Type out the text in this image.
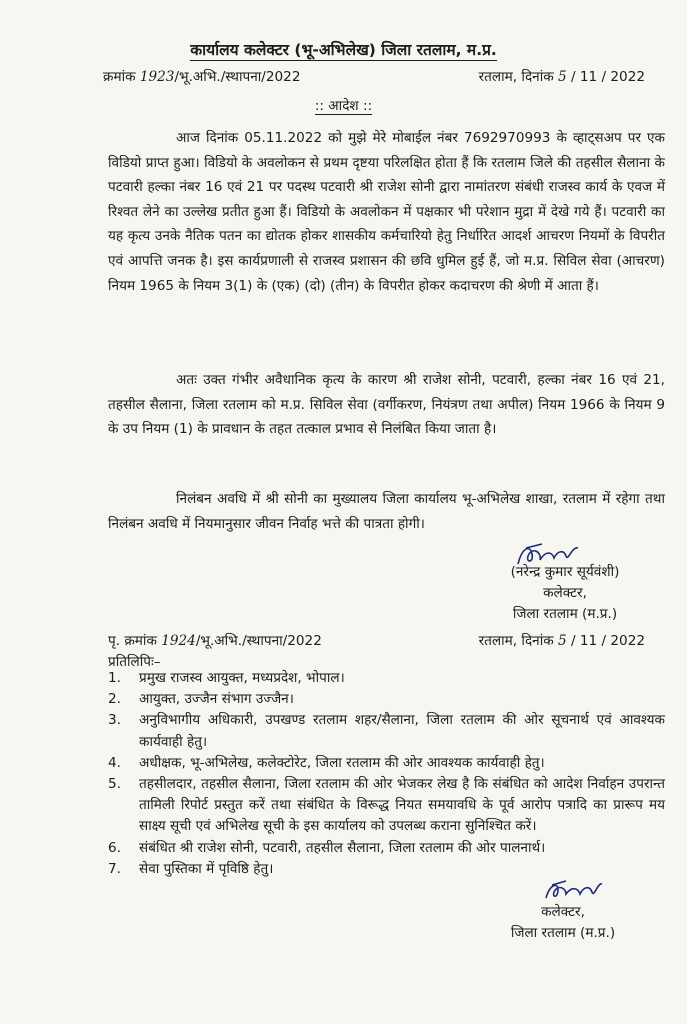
कार्यालय कलेक्टर (भू-अभिलेख) जिला रतलाम, म.प्र.
क्रमांक 1923/भू.अभि./स्थापना/2022	रतलाम, दिनांक 5 / 11 / 2022
:: आदेश ::

आज दिनांक 05.11.2022 को मुझे मेरे मोबाईल नंबर 7692970993 के व्हाट्सअप पर एक विडियो प्राप्त हुआ। विडियो के अवलोकन से प्रथम दृष्टया परिलक्षित होता हैं कि रतलाम जिले की तहसील सैलाना के पटवारी हल्का नंबर 16 एवं 21 पर पदस्थ पटवारी श्री राजेश सोनी द्वारा नामांतरण संबंधी राजस्व कार्य के एवज में रिश्वत लेने का उल्लेख प्रतीत हुआ हैं। विडियो के अवलोकन में पक्षकार भी परेशान मुद्रा में देखे गये हैं। पटवारी का यह कृत्य उनके नैतिक पतन का द्योतक होकर शासकीय कर्मचारियो हेतु निर्धारित आदर्श आचरण नियमों के विपरीत एवं आपत्ति जनक है। इस कार्यप्रणाली से राजस्व प्रशासन की छवि धुमिल हुई हैं, जो म.प्र. सिविल सेवा (आचरण) नियम 1965 के नियम 3(1) के (एक) (दो) (तीन) के विपरीत होकर कदाचरण की श्रेणी में आता हैं।

अतः उक्त गंभीर अवैधानिक कृत्य के कारण श्री राजेश सोनी, पटवारी, हल्का नंबर 16 एवं 21, तहसील सैलाना, जिला रतलाम को म.प्र. सिविल सेवा (वर्गीकरण, नियंत्रण तथा अपील) नियम 1966 के नियम 9 के उप नियम (1) के प्रावधान के तहत तत्काल प्रभाव से निलंबित किया जाता है।

निलंबन अवधि में श्री सोनी का मुख्यालय जिला कार्यालय भू-अभिलेख शाखा, रतलाम में रहेगा तथा निलंबन अवधि में नियमानुसार जीवन निर्वाह भत्ते की पात्रता होगी।

(नरेन्द्र कुमार सूर्यवंशी)
कलेक्टर,
जिला रतलाम (म.प्र.)
पृ. क्रमांक 1924/भू.अभि./स्थापना/2022	रतलाम, दिनांक 5 / 11 / 2022
प्रतिलिपिः–
1. प्रमुख राजस्व आयुक्त, मध्यप्रदेश, भोपाल।
2. आयुक्त, उज्जैन संभाग उज्जैन।
3. अनुविभागीय अधिकारी, उपखण्ड रतलाम शहर/सैलाना, जिला रतलाम की ओर सूचनार्थ एवं आवश्यक कार्यवाही हेतु।
4. अधीक्षक, भू-अभिलेख, कलेक्टोरेट, जिला रतलाम की ओर आवश्यक कार्यवाही हेतु।
5. तहसीलदार, तहसील सैलाना, जिला रतलाम की ओर भेजकर लेख है कि संबंधित को आदेश निर्वाहन उपरान्त तामिली रिपोर्ट प्रस्तुत करें तथा संबंधित के विरूद्ध नियत समयावधि के पूर्व आरोप पत्रादि का प्रारूप मय साक्ष्य सूची एवं अभिलेख सूची के इस कार्यालय को उपलब्ध कराना सुनिश्चित करें।
6. संबंधित श्री राजेश सोनी, पटवारी, तहसील सैलाना, जिला रतलाम की ओर पालनार्थ।
7. सेवा पुस्तिका में पृविष्ठि हेतु।
कलेक्टर,
जिला रतलाम (म.प्र.)
